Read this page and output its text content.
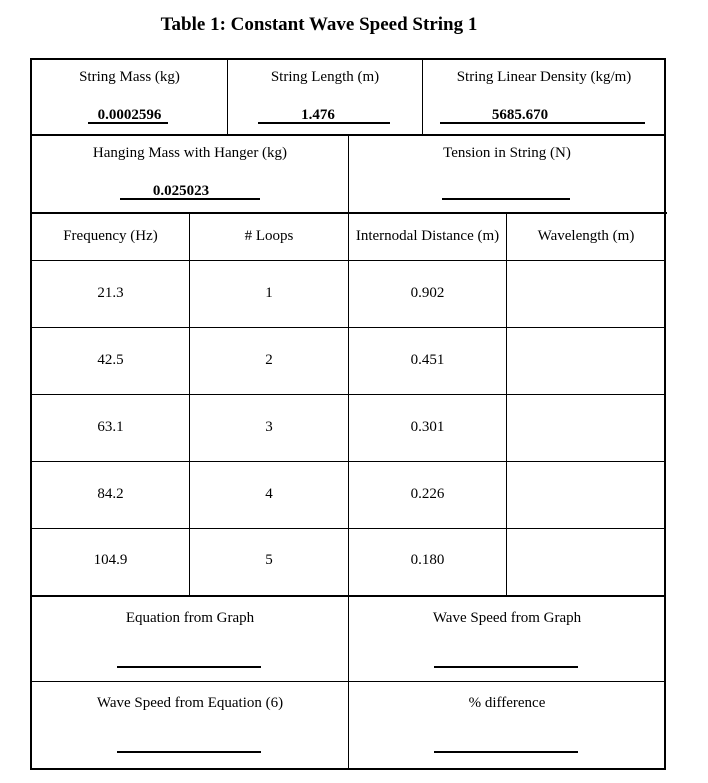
Table 1: Constant Wave Speed String 1
String Mass (kg)
0.0002596
String Length (m)
1.476
String Linear Density (kg/m)
5685.670
Hanging Mass with Hanger (kg)
0.025023
Tension in String (N)
Frequency (Hz)	# Loops	Internodal Distance (m)	Wavelength (m)
21.3	1	0.902
42.5	2	0.451
63.1	3	0.301
84.2	4	0.226
104.9	5	0.180
Equation from Graph	Wave Speed from Graph
Wave Speed from Equation (6)	% difference
